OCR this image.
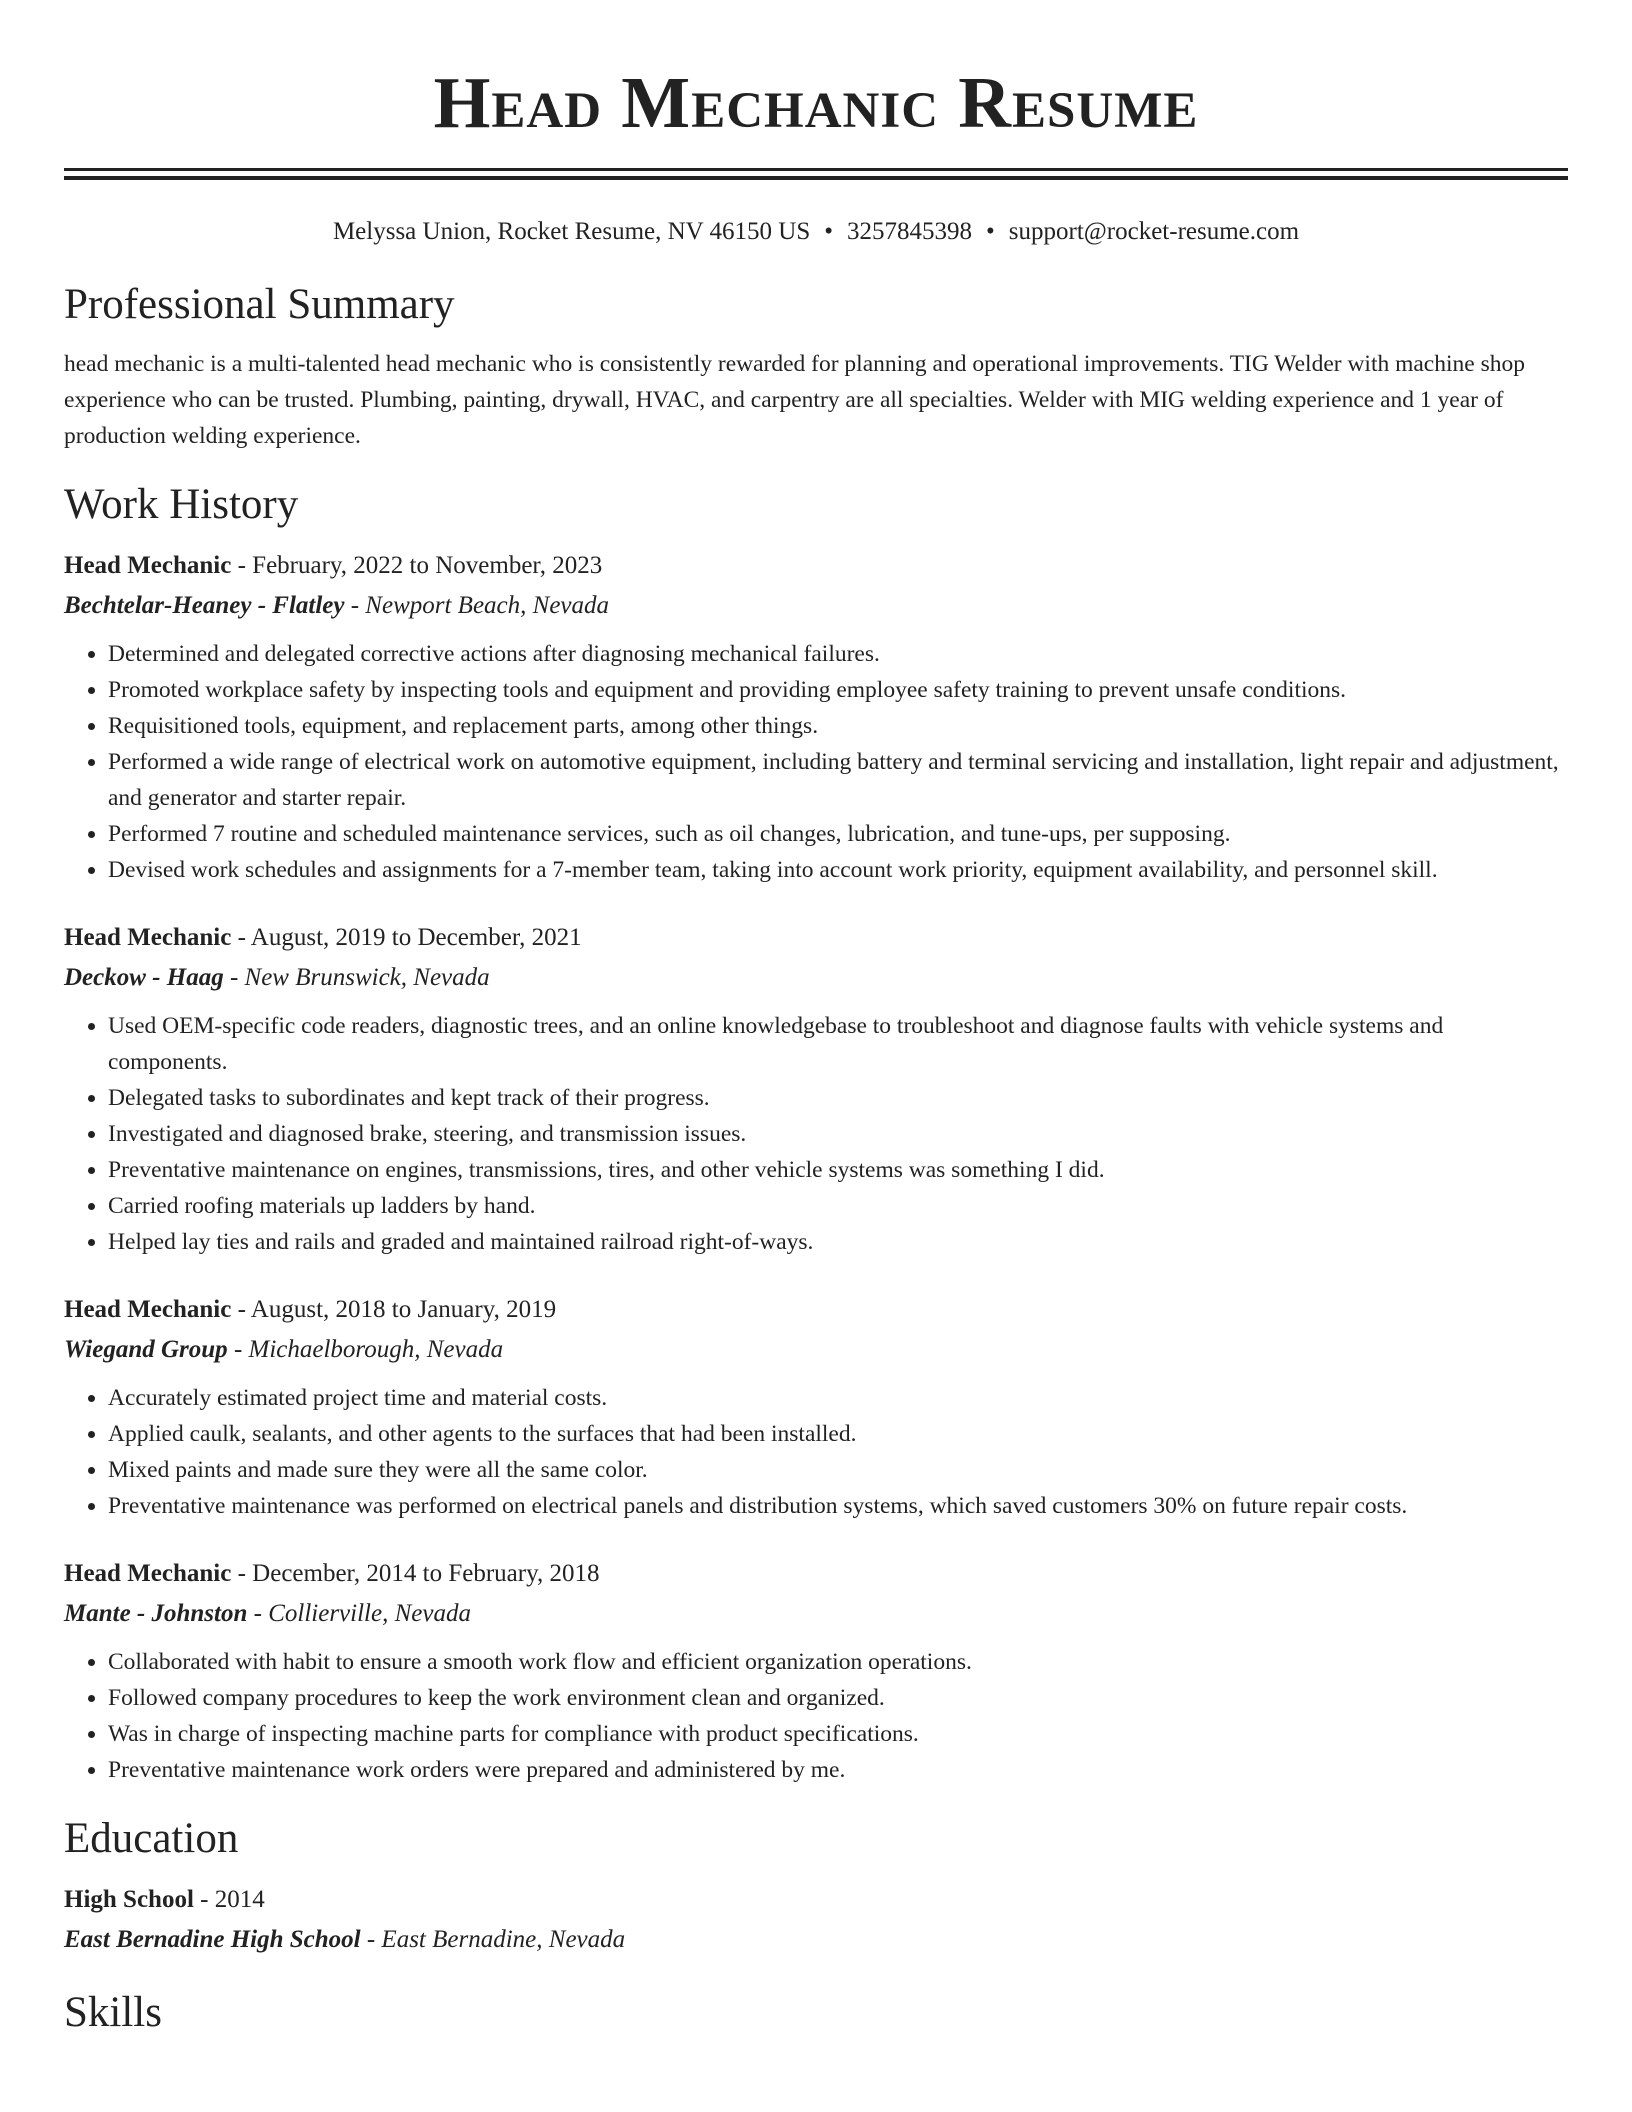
Head Mechanic Resume
Melyssa Union, Rocket Resume, NV 46150 US • 3257845398 • support@rocket-resume.com
Professional Summary
head mechanic is a multi-talented head mechanic who is consistently rewarded for planning and operational improvements. TIG Welder with machine shop experience who can be trusted. Plumbing, painting, drywall, HVAC, and carpentry are all specialties. Welder with MIG welding experience and 1 year of production welding experience.
Work History
Head Mechanic - February, 2022 to November, 2023
Bechtelar-Heaney - Flatley - Newport Beach, Nevada
• Determined and delegated corrective actions after diagnosing mechanical failures.
• Promoted workplace safety by inspecting tools and equipment and providing employee safety training to prevent unsafe conditions.
• Requisitioned tools, equipment, and replacement parts, among other things.
• Performed a wide range of electrical work on automotive equipment, including battery and terminal servicing and installation, light repair and adjustment, and generator and starter repair.
• Performed 7 routine and scheduled maintenance services, such as oil changes, lubrication, and tune-ups, per supposing.
• Devised work schedules and assignments for a 7-member team, taking into account work priority, equipment availability, and personnel skill.
Head Mechanic - August, 2019 to December, 2021
Deckow - Haag - New Brunswick, Nevada
• Used OEM-specific code readers, diagnostic trees, and an online knowledgebase to troubleshoot and diagnose faults with vehicle systems and components.
• Delegated tasks to subordinates and kept track of their progress.
• Investigated and diagnosed brake, steering, and transmission issues.
• Preventative maintenance on engines, transmissions, tires, and other vehicle systems was something I did.
• Carried roofing materials up ladders by hand.
• Helped lay ties and rails and graded and maintained railroad right-of-ways.
Head Mechanic - August, 2018 to January, 2019
Wiegand Group - Michaelborough, Nevada
• Accurately estimated project time and material costs.
• Applied caulk, sealants, and other agents to the surfaces that had been installed.
• Mixed paints and made sure they were all the same color.
• Preventative maintenance was performed on electrical panels and distribution systems, which saved customers 30% on future repair costs.
Head Mechanic - December, 2014 to February, 2018
Mante - Johnston - Collierville, Nevada
• Collaborated with habit to ensure a smooth work flow and efficient organization operations.
• Followed company procedures to keep the work environment clean and organized.
• Was in charge of inspecting machine parts for compliance with product specifications.
• Preventative maintenance work orders were prepared and administered by me.
Education
High School - 2014
East Bernadine High School - East Bernadine, Nevada
Skills
